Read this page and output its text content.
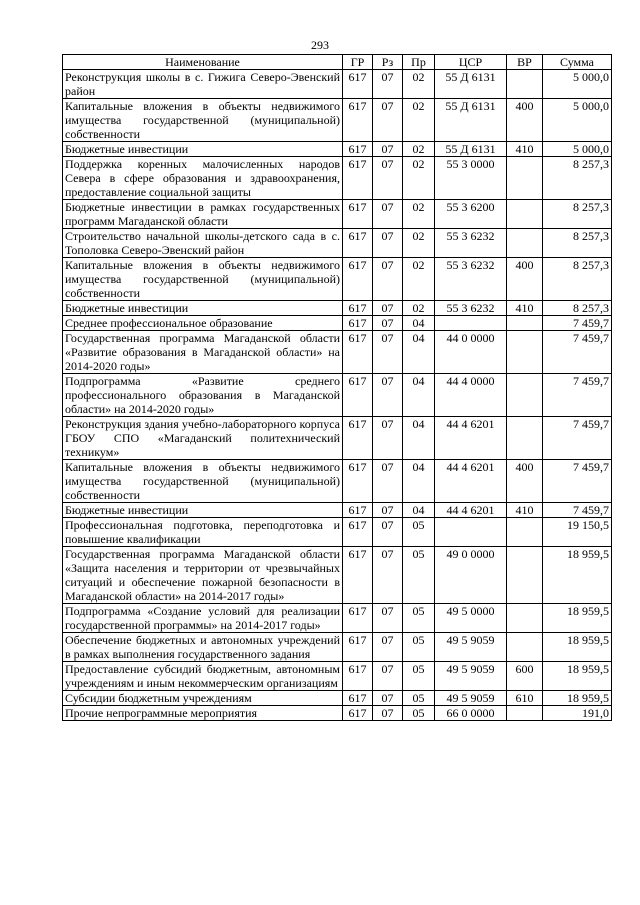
293
Наименование	ГР	Рз	Пр	ЦСР	ВР	Сумма
Реконструкция школы в с. Гижига Северо-Эвенский район	617	07	02	55 Д 6131		5 000,0
Капитальные вложения в объекты недвижимого имущества государственной (муниципальной) собственности	617	07	02	55 Д 6131	400	5 000,0
Бюджетные инвестиции	617	07	02	55 Д 6131	410	5 000,0
Поддержка коренных малочисленных народов Севера в сфере образования и здравоохранения, предоставление социальной защиты	617	07	02	55 3 0000		8 257,3
Бюджетные инвестиции в рамках государственных программ Магаданской области	617	07	02	55 3 6200		8 257,3
Строительство начальной школы-детского сада в с. Тополовка Северо-Эвенский район	617	07	02	55 3 6232		8 257,3
Капитальные вложения в объекты недвижимого имущества государственной (муниципальной) собственности	617	07	02	55 3 6232	400	8 257,3
Бюджетные инвестиции	617	07	02	55 3 6232	410	8 257,3
Среднее профессиональное образование	617	07	04			7 459,7
Государственная программа Магаданской области «Развитие образования в Магаданской области» на 2014-2020 годы»	617	07	04	44 0 0000		7 459,7
Подпрограмма «Развитие среднего профессионального образования в Магаданской области» на 2014-2020 годы»	617	07	04	44 4 0000		7 459,7
Реконструкция здания учебно-лабораторного корпуса ГБОУ СПО «Магаданский политехнический техникум»	617	07	04	44 4 6201		7 459,7
Капитальные вложения в объекты недвижимого имущества государственной (муниципальной) собственности	617	07	04	44 4 6201	400	7 459,7
Бюджетные инвестиции	617	07	04	44 4 6201	410	7 459,7
Профессиональная подготовка, переподготовка и повышение квалификации	617	07	05			19 150,5
Государственная программа Магаданской области «Защита населения и территории от чрезвычайных ситуаций и обеспечение пожарной безопасности в Магаданской области» на 2014-2017 годы»	617	07	05	49 0 0000		18 959,5
Подпрограмма «Создание условий для реализации государственной программы» на 2014-2017 годы»	617	07	05	49 5 0000		18 959,5
Обеспечение бюджетных и автономных учреждений в рамках выполнения государственного задания	617	07	05	49 5 9059		18 959,5
Предоставление субсидий бюджетным, автономным учреждениям и иным некоммерческим организациям	617	07	05	49 5 9059	600	18 959,5
Субсидии бюджетным учреждениям	617	07	05	49 5 9059	610	18 959,5
Прочие непрограммные мероприятия	617	07	05	66 0 0000		191,0
